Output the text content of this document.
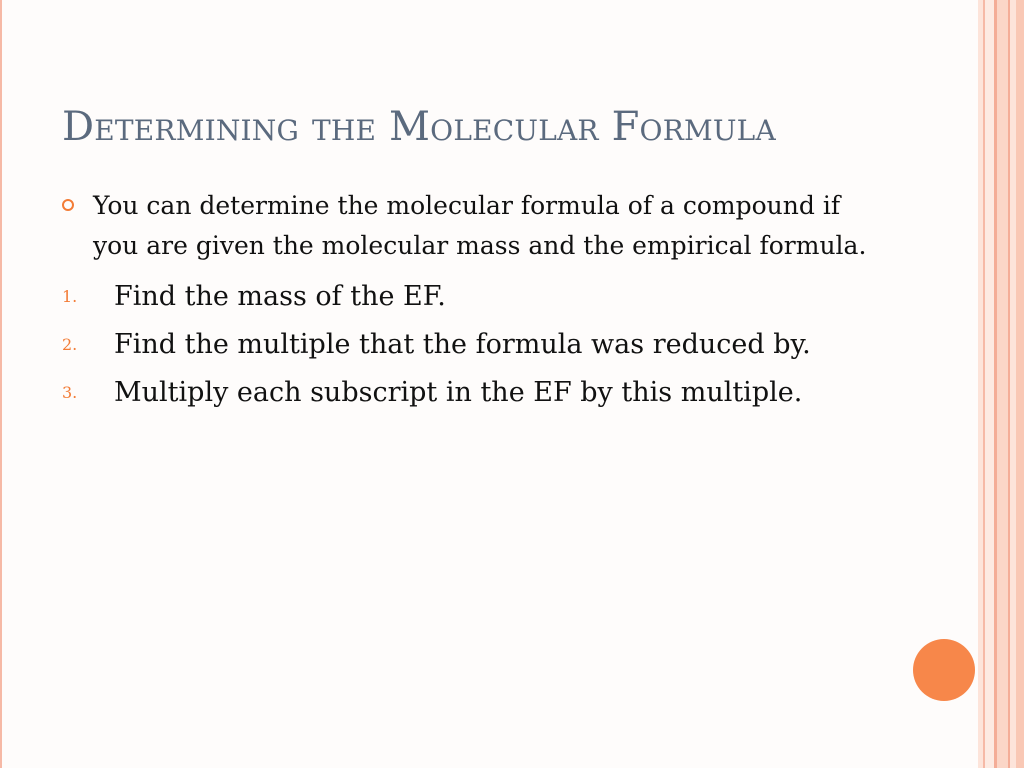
Determining the Molecular Formula
You can determine the molecular formula of a compound if you are given the molecular mass and the empirical formula.
1. Find the mass of the EF.
2. Find the multiple that the formula was reduced by.
3. Multiply each subscript in the EF by this multiple.
